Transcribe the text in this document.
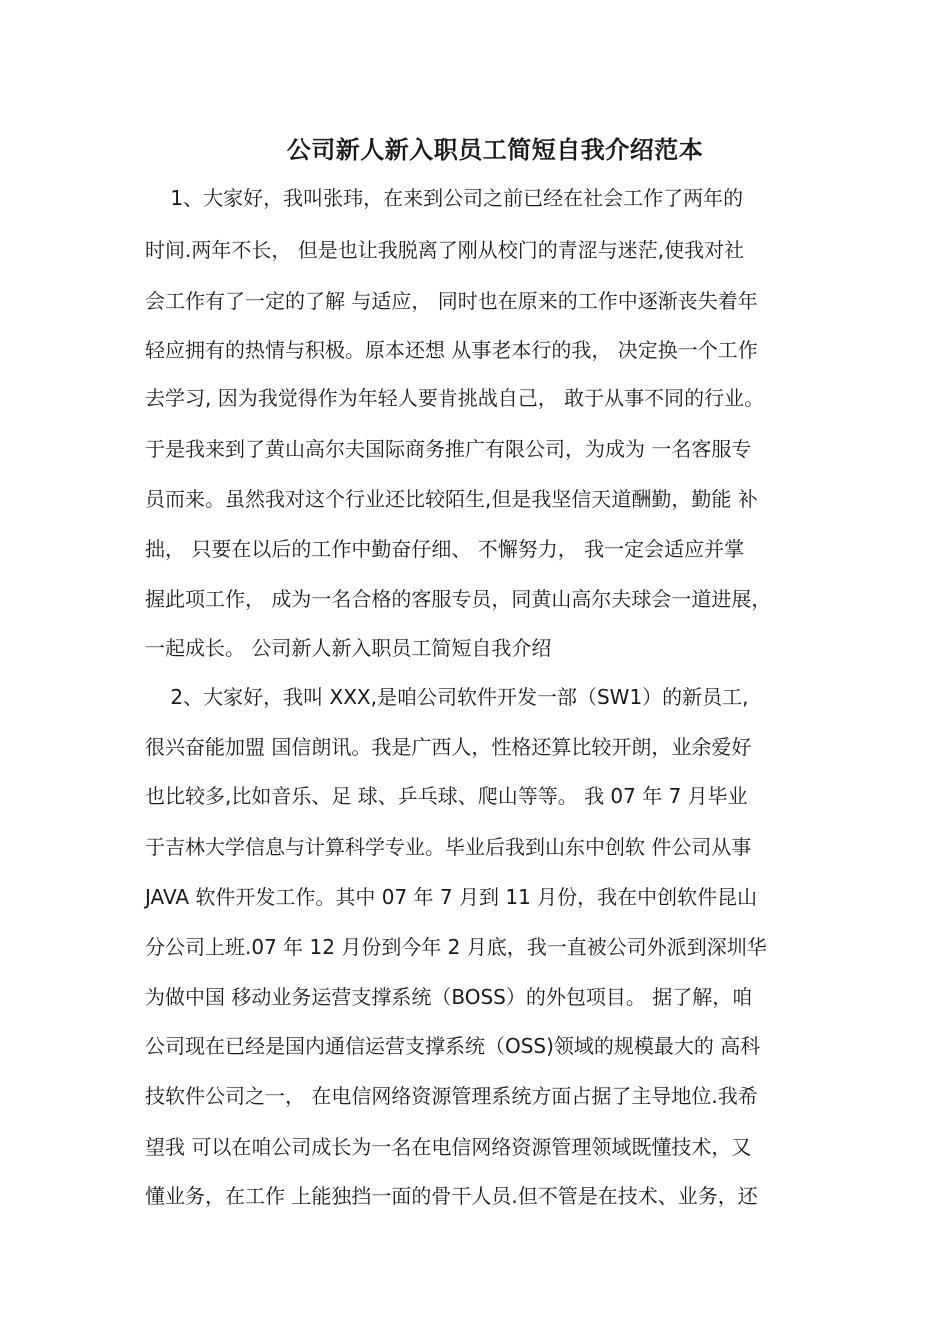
公司新人新入职员工简短自我介绍范本
1、大家好，我叫张玮，在来到公司之前已经在社会工作了两年的
时间.两年不长， 但是也让我脱离了刚从校门的青涩与迷茫,使我对社
会工作有了一定的了解 与适应， 同时也在原来的工作中逐渐丧失着年
轻应拥有的热情与积极。原本还想 从事老本行的我， 决定换一个工作
去学习, 因为我觉得作为年轻人要肯挑战自己， 敢于从事不同的行业。
于是我来到了黄山高尔夫国际商务推广有限公司，为成为 一名客服专
员而来。虽然我对这个行业还比较陌生,但是我坚信天道酬勤，勤能 补
拙， 只要在以后的工作中勤奋仔细、 不懈努力， 我一定会适应并掌
握此项工作， 成为一名合格的客服专员，同黄山高尔夫球会一道进展，
一起成长。 公司新人新入职员工简短自我介绍
2、大家好，我叫 XXX,是咱公司软件开发一部（SW1）的新员工,
很兴奋能加盟 国信朗讯。我是广西人，性格还算比较开朗，业余爱好
也比较多,比如音乐、足 球、乒乓球、爬山等等。 我 07 年 7 月毕业
于吉林大学信息与计算科学专业。毕业后我到山东中创软 件公司从事
JAVA 软件开发工作。其中 07 年 7 月到 11 月份，我在中创软件昆山
分公司上班.07 年 12 月份到今年 2 月底，我一直被公司外派到深圳华
为做中国 移动业务运营支撑系统（BOSS）的外包项目。 据了解，咱
公司现在已经是国内通信运营支撑系统（OSS)领域的规模最大的 高科
技软件公司之一， 在电信网络资源管理系统方面占据了主导地位.我希
望我 可以在咱公司成长为一名在电信网络资源管理领域既懂技术，又
懂业务，在工作 上能独挡一面的骨干人员.但不管是在技术、业务，还
